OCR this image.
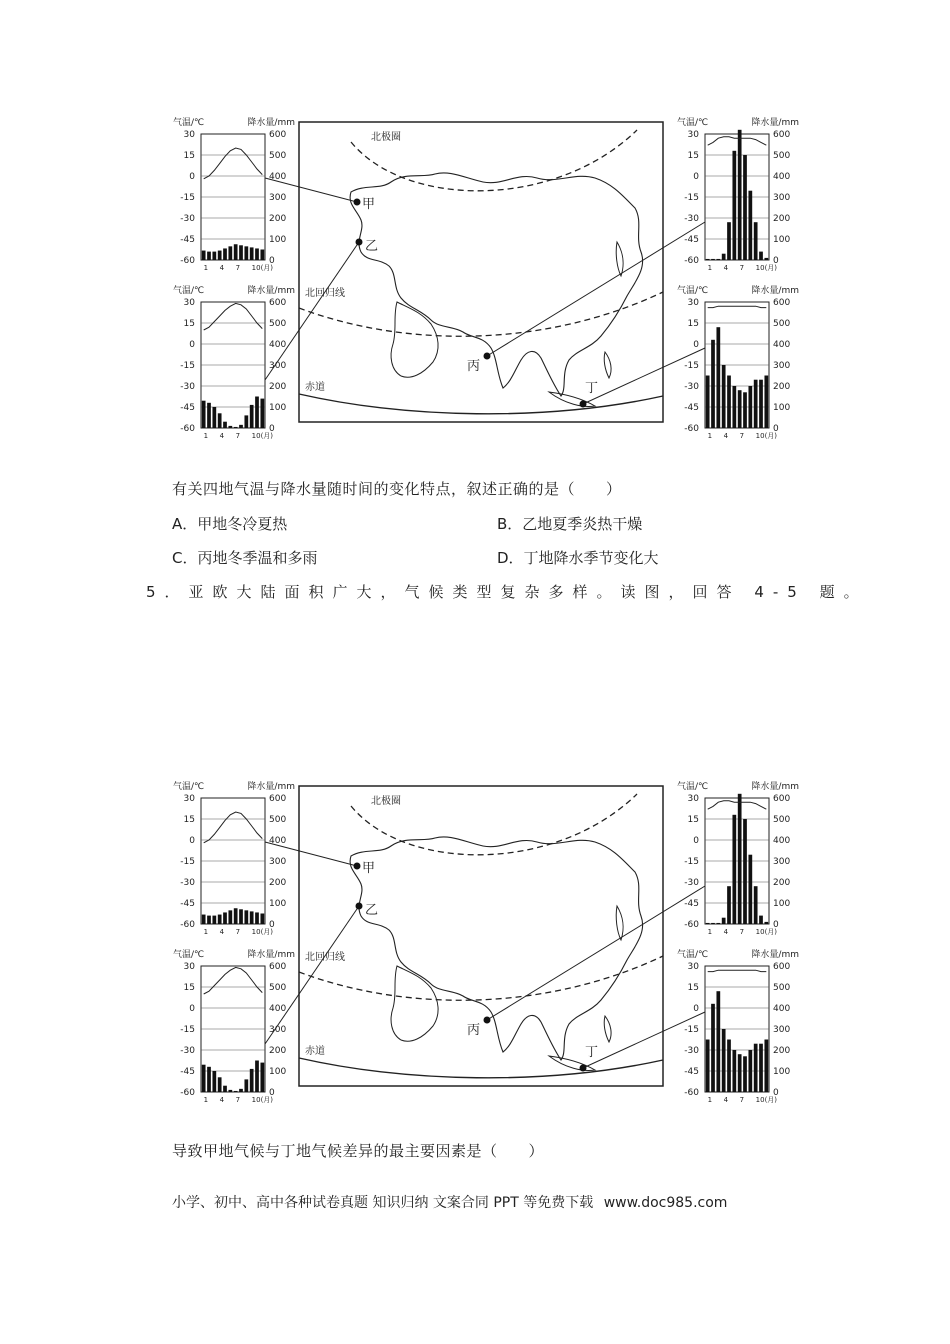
气温/℃	降水量/mm
30	600
15	500
0	400
-15	300
-30	200
-45	100
-60	0
1 4 7 10(月)
气温/℃	降水量/mm
30	600
15	500
0	400
-15	300
-30	200
-45	100
-60	0
1 4 7 10(月)
气温/℃	降水量/mm
30	600
15	500
0	400
-15	300
-30	200
-45	100
-60	0
1 4 7 10(月)
气温/℃	降水量/mm
30	600
15	500
0	400
-15	300
-30	200
-45	100
-60	0
1 4 7 10(月)
北极圈
北回归线
赤道
甲
乙
丙
丁
有关四地气温与降水量随时间的变化特点，叙述正确的是（　　）
A．甲地冬冷夏热	B．乙地夏季炎热干燥
C．丙地冬季温和多雨	D．丁地降水季节变化大
5．亚欧大陆面积广大，气候类型复杂多样。读图，回答 4-5 题。
气温/℃	降水量/mm
30	600
15	500
0	400
-15	300
-30	200
-45	100
-60	0
1 4 7 10(月)
气温/℃	降水量/mm
30	600
15	500
0	400
-15	300
-30	200
-45	100
-60	0
1 4 7 10(月)
气温/℃	降水量/mm
30	600
15	500
0	400
-15	300
-30	200
-45	100
-60	0
1 4 7 10(月)
气温/℃	降水量/mm
30	600
15	500
0	400
-15	300
-30	200
-45	100
-60	0
1 4 7 10(月)
北极圈
北回归线
赤道
甲
乙
丙
丁
导致甲地气候与丁地气候差异的最主要因素是（　　）
小学、初中、高中各种试卷真题 知识归纳 文案合同 PPT 等免费下载 www.doc985.com
